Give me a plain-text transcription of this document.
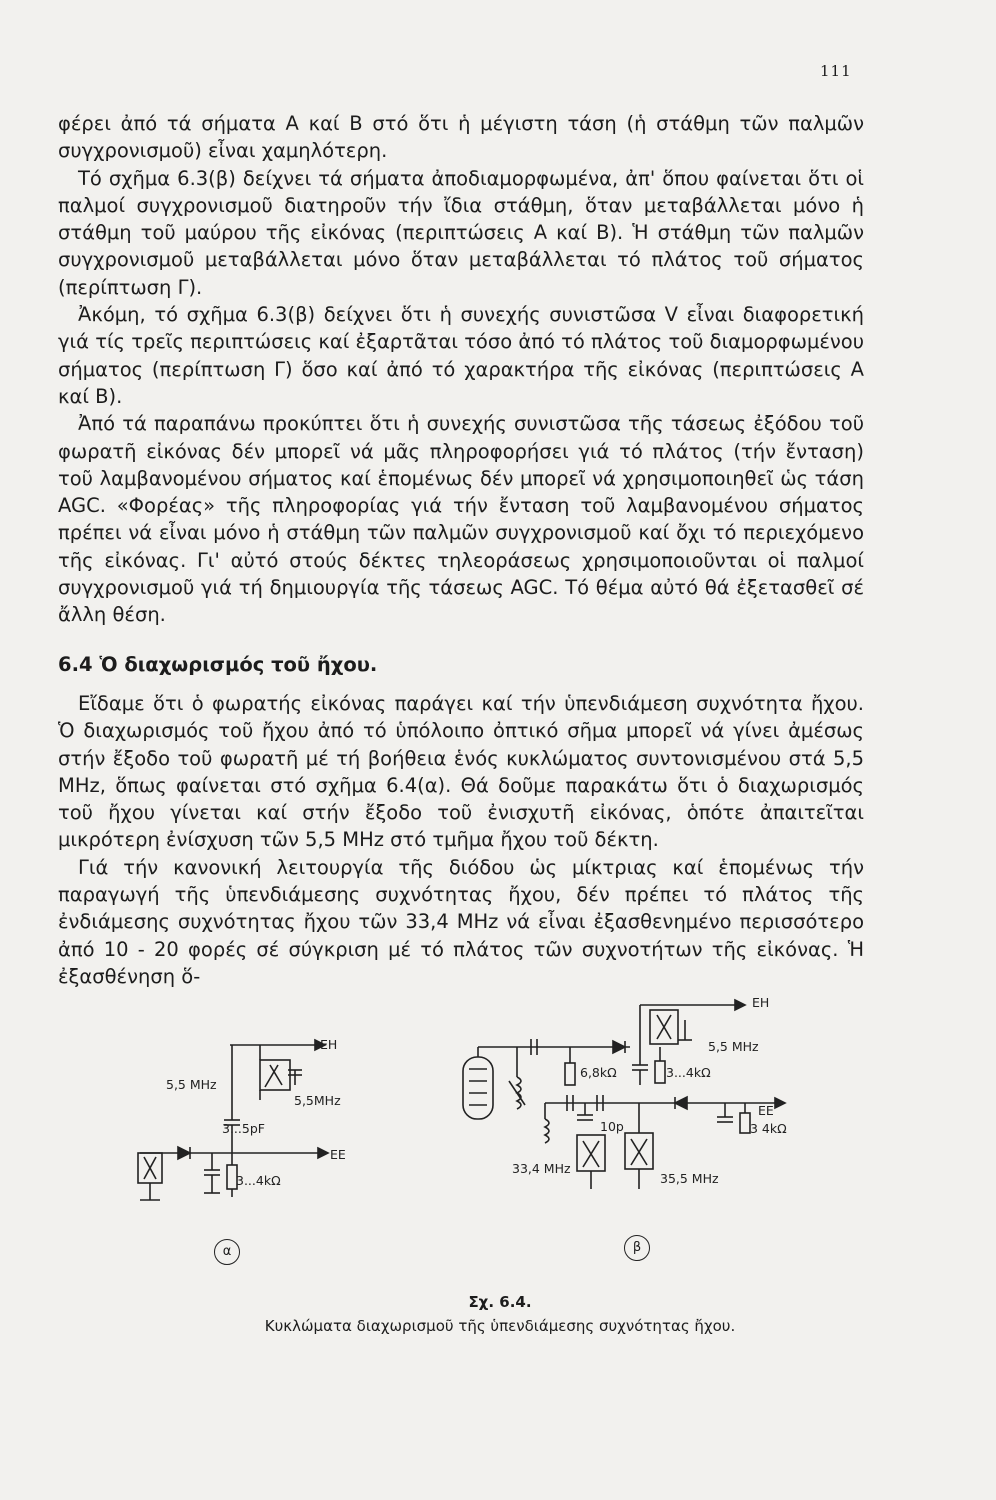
111

φέρει ἀπό τά σήματα Α καί Β στό ὅτι ἡ μέγιστη τάση (ἡ στάθμη τῶν παλμῶν συγχρονισμοῦ) εἶναι χαμηλότερη.

Τό σχῆμα 6.3(β) δείχνει τά σήματα ἀποδιαμορφωμένα, ἀπ' ὅπου φαίνεται ὅτι οἱ παλμοί συγχρονισμοῦ διατηροῦν τήν ἴδια στάθμη, ὅταν μεταβάλλεται μόνο ἡ στάθμη τοῦ μαύρου τῆς εἰκόνας (περιπτώσεις Α καί Β). Ἡ στάθμη τῶν παλμῶν συγχρονισμοῦ μεταβάλλεται μόνο ὅταν μεταβάλλεται τό πλάτος τοῦ σήματος (περίπτωση Γ).

Ἀκόμη, τό σχῆμα 6.3(β) δείχνει ὅτι ἡ συνεχής συνιστῶσα V εἶναι διαφορετική γιά τίς τρεῖς περιπτώσεις καί ἐξαρτᾶται τόσο ἀπό τό πλάτος τοῦ διαμορφωμένου σήματος (περίπτωση Γ) ὅσο καί ἀπό τό χαρακτήρα τῆς εἰκόνας (περιπτώσεις Α καί Β).

Ἀπό τά παραπάνω προκύπτει ὅτι ἡ συνεχής συνιστῶσα τῆς τάσεως ἐξόδου τοῦ φωρατῆ εἰκόνας δέν μπορεῖ νά μᾶς πληροφορήσει γιά τό πλάτος (τήν ἔνταση) τοῦ λαμβανομένου σήματος καί ἑπομένως δέν μπορεῖ νά χρησιμοποιηθεῖ ὡς τάση AGC. «Φορέας» τῆς πληροφορίας γιά τήν ἔνταση τοῦ λαμβανομένου σήματος πρέπει νά εἶναι μόνο ἡ στάθμη τῶν παλμῶν συγχρονισμοῦ καί ὄχι τό περιεχόμενο τῆς εἰκόνας. Γι' αὐτό στούς δέκτες τηλεοράσεως χρησιμοποιοῦνται οἱ παλμοί συγχρονισμοῦ γιά τή δημιουργία τῆς τάσεως AGC. Τό θέμα αὐτό θά ἐξετασθεῖ σέ ἄλλη θέση.

6.4 Ὁ διαχωρισμός τοῦ ἤχου.

Εἴδαμε ὅτι ὁ φωρατής εἰκόνας παράγει καί τήν ὑπενδιάμεση συχνότητα ἤχου. Ὁ διαχωρισμός τοῦ ἤχου ἀπό τό ὑπόλοιπο ὀπτικό σῆμα μπορεῖ νά γίνει ἀμέσως στήν ἔξοδο τοῦ φωρατῆ μέ τή βοήθεια ἑνός κυκλώματος συντονισμένου στά 5,5 MHz, ὅπως φαίνεται στό σχῆμα 6.4(α). Θά δοῦμε παρακάτω ὅτι ὁ διαχωρισμός τοῦ ἤχου γίνεται καί στήν ἔξοδο τοῦ ἐνισχυτῆ εἰκόνας, ὁπότε ἀπαιτεῖται μικρότερη ἐνίσχυση τῶν 5,5 MHz στό τμῆμα ἤχου τοῦ δέκτη.

Γιά τήν κανονική λειτουργία τῆς διόδου ὡς μίκτριας καί ἑπομένως τήν παραγωγή τῆς ὑπενδιάμεσης συχνότητας ἤχου, δέν πρέπει τό πλάτος τῆς ἐνδιάμεσης συχνότητας ἤχου τῶν 33,4 MHz νά εἶναι ἐξασθενημένο περισσότερο ἀπό 10 - 20 φορές σέ σύγκριση μέ τό πλάτος τῶν συχνοτήτων τῆς εἰκόνας. Ἡ ἐξασθένηση ὅ-

ΕΗ
5,5 MHz
5,5MHz
3...5pF
ΕΕ
3...4kΩ
α
ΕΗ
5,5 MHz
6,8kΩ	3...4kΩ
ΕΕ
3 4kΩ
10p
33,4 MHz
35,5 MHz
β
Σχ. 6.4.
Κυκλώματα διαχωρισμοῦ τῆς ὑπενδιάμεσης συχνότητας ἤχου.
